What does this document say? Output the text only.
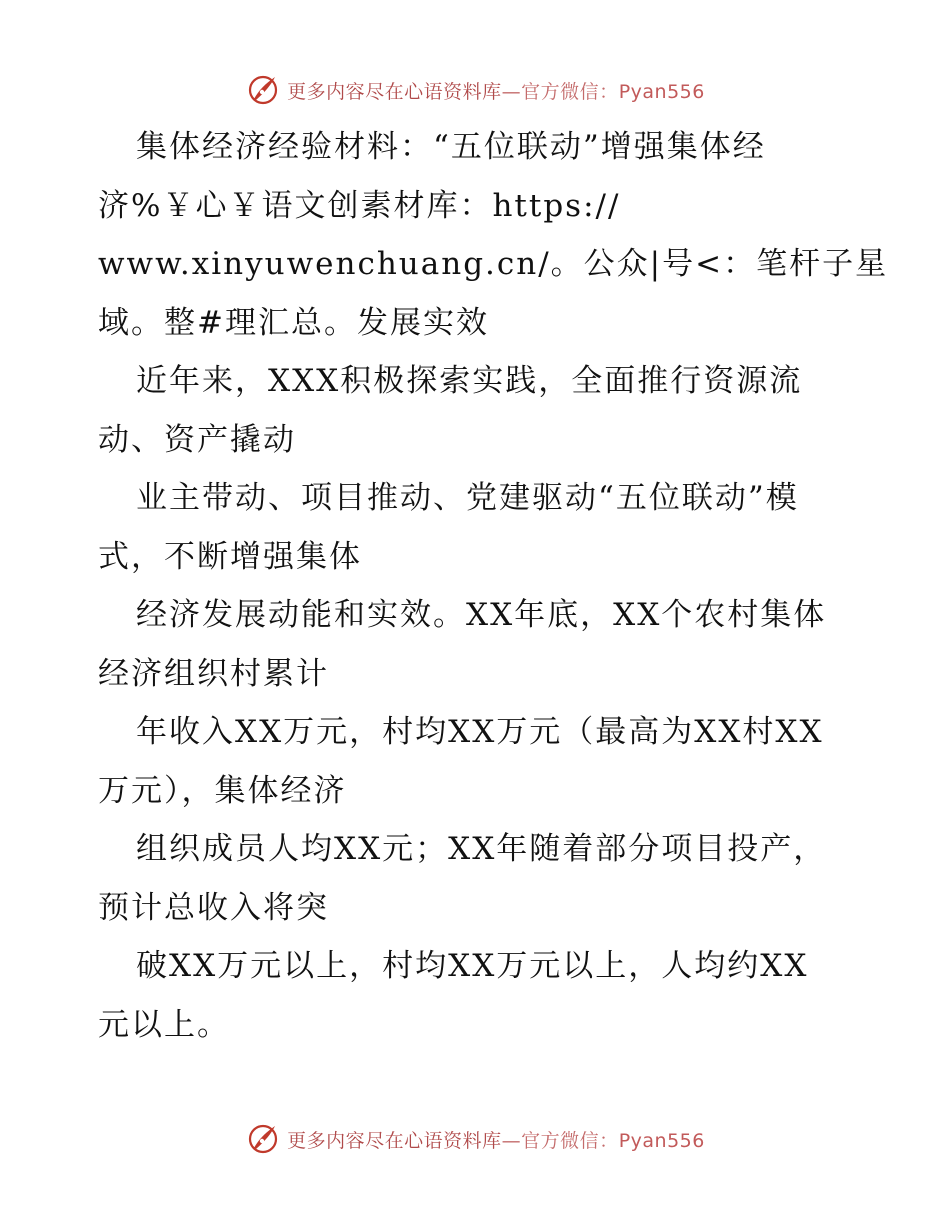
更多内容尽在心语资料库—官方微信：Pyan556
集体经济经验材料：“五位联动”增强集体经
济%￥心￥语文创素材库：https://
www.xinyuwenchuang.cn/。公众|号<：笔杆子星
域。整#理汇总。发展实效
近年来，XXX积极探索实践，全面推行资源流
动、资产撬动
业主带动、项目推动、党建驱动“五位联动”模
式，不断增强集体
经济发展动能和实效。XX年底，XX个农村集体
经济组织村累计
年收入XX万元，村均XX万元（最高为XX村XX
万元），集体经济
组织成员人均XX元；XX年随着部分项目投产，
预计总收入将突
破XX万元以上，村均XX万元以上，人均约XX
元以上。
更多内容尽在心语资料库—官方微信：Pyan556
